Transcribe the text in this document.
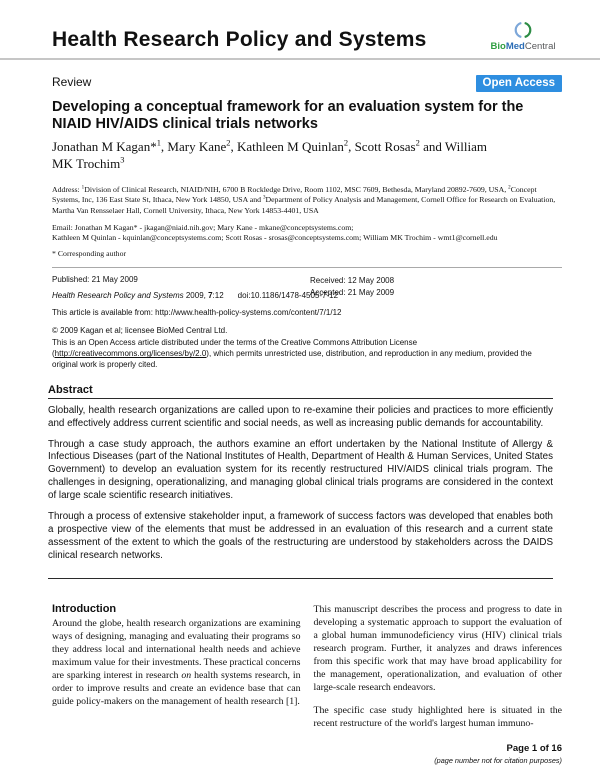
Health Research Policy and Systems	BioMedCentral
Review	Open Access
Developing a conceptual framework for an evaluation system for the NIAID HIV/AIDS clinical trials networks
Jonathan M Kagan*$^1$, Mary Kane$^2$, Kathleen M Quinlan$^2$, Scott Rosas$^2$ and William MK Trochim$^3$
Address: $^1$Division of Clinical Research, NIAID/NIH, 6700 B Rockledge Drive, Room 1102, MSC 7609, Bethesda, Maryland 20892-7609, USA, $^2$Concept Systems, Inc, 136 East State St, Ithaca, New York 14850, USA and $^3$Department of Policy Analysis and Management, Cornell Office for Research on Evaluation, Martha Van Rensselaer Hall, Cornell University, Ithaca, New York 14853-4401, USA
Email: Jonathan M Kagan* - jkagan@niaid.nih.gov; Mary Kane - mkane@conceptsystems.com;
Kathleen M Quinlan - kquinlan@conceptsystems.com; Scott Rosas - srosas@conceptsystems.com; William MK Trochim - wmt1@cornell.edu
* Corresponding author
Received: 12 May 2008
Accepted: 21 May 2009
Published: 21 May 2009
Health Research Policy and Systems 2009, 7:12 doi:10.1186/1478-4505-7-12
This article is available from: http://www.health-policy-systems.com/content/7/1/12
© 2009 Kagan et al; licensee BioMed Central Ltd.
This is an Open Access article distributed under the terms of the Creative Commons Attribution License (http://creativecommons.org/licenses/by/2.0), which permits unrestricted use, distribution, and reproduction in any medium, provided the original work is properly cited.
Abstract

Globally, health research organizations are called upon to re-examine their policies and practices to more efficiently and effectively address current scientific and social needs, as well as increasing public demands for accountability.

Through a case study approach, the authors examine an effort undertaken by the National Institute of Allergy & Infectious Diseases (part of the National Institutes of Health, Department of Health & Human Services, United States Government) to develop an evaluation system for its recently restructured HIV/AIDS clinical trials program. The challenges in designing, operationalizing, and managing global clinical trials programs are considered in the context of large scale scientific research initiatives.

Through a process of extensive stakeholder input, a framework of success factors was developed that enables both a prospective view of the elements that must be addressed in an evaluation of this research and a current state assessment of the extent to which the goals of the restructuring are understood by stakeholders across the DAIDS clinical research networks.

Introduction

Around the globe, health research organizations are examining ways of designing, managing and evaluating their programs so they address local and international health needs and achieve maximum value for their investments. These practical concerns are sparking interest in research on health systems research, in order to improve results and create an evidence base that can guide policy-makers on the management of health research [1].

This manuscript describes the process and progress to date in developing a systematic approach to support the evaluation of a global human immunodeficiency virus (HIV) clinical trials research program. Further, it analyzes and draws inferences from this specific work that may have broad applicability for the management, operationalization, and evaluation of other large-scale research endeavors.

The specific case study highlighted here is situated in the recent restructure of the world's largest human immuno-

Page 1 of 16
(page number not for citation purposes)
